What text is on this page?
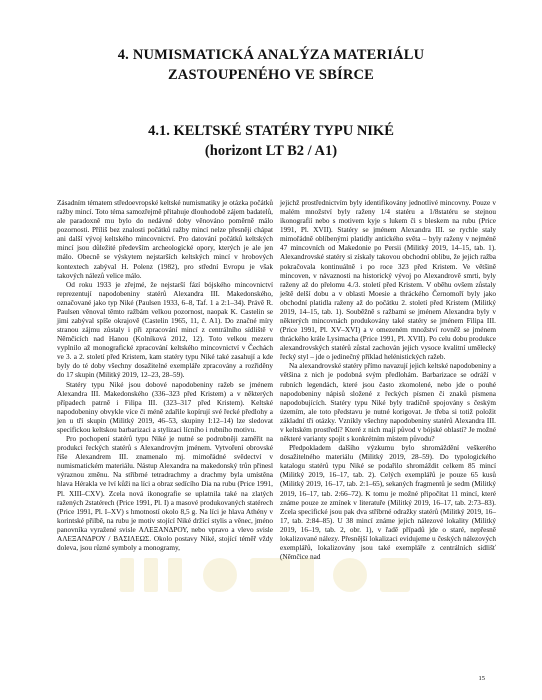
4. NUMISMATICKÁ ANALÝZA MATERIÁLU
ZASTOUPENÉHO VE SBÍRCE
4.1. KELTSKÉ STATÉRY TYPU NIKÉ
(horizont LT B2 / A1)

Zásadním tématem středoevropské keltské numismatiky je otázka počátků ražby mincí. Toto téma samozřejmě přitahuje dlouhodobě zájem badatelů, ale paradoxně mu bylo do nedávné doby věnováno poměrně málo pozornosti. Příliš bez znalosti počátků ražby mincí nelze přesněji chápat ani další vývoj keltského mincovnictví. Pro datování počátků keltských mincí jsou důležité především archeologické opory, kterých je ale jen málo. Obecně se výskytem nejstarších keltských mincí v hrobových kontextech zabýval H. Polenz (1982), pro střední Evropu je však takových nálezů velice málo.

Od roku 1933 je zřejmé, že nejstarší fází bójského mincovnictví reprezentují napodobeniny statérů Alexandra III. Makedonského, označované jako typ Niké (Paulsen 1933, 6–8, Taf. 1 a 2:1–34). Právě R. Paulsen věnoval těmto ražbám velkou pozornost, naopak K. Castelin se jimi zabýval spíše okrajově (Castelin 1965, 11, č. A1). Do značné míry stranou zájmu zůstaly i při zpracování mincí z centrálního sídliště v Němčicích nad Hanou (Kolníková 2012, 12). Toto velkou mezeru vyplnilo až monografické zpracování keltského mincovnictví v Čechách ve 3. a 2. století před Kristem, kam statéry typu Niké také zasahují a kde byly do té doby všechny dosažitelné exempláře zpracovány a rozřiděny do 17 skupin (Militký 2019, 12–23, 28–59).

Statéry typu Niké jsou dobové napodobeniny ražeb se jménem Alexandra III. Makedonského (336–323 před Kristem) a v některých případech patrně i Filipa III. (323–317 před Kristem). Keltské napodobeniny obvykle více či méně zdařile kopírují své řecké předlohy a jen u tří skupin (Militký 2019, 46–53, skupiny I:12–14) lze sledovat specifickou keltskou barbarizaci a stylizaci lícního i rubního motivu.

Pro pochopení statérů typu Niké je nutné se podrobněji zaměřit na produkci řeckých statérů s Alexandrovým jménem. Vytvoření obrovské říše Alexandrem III. znamenalo mj. mimořádné svědectví v numismatickém materiálu. Nástup Alexandra na makedonský trůn přinesl výraznou změnu. Na stříbrné tetradrachmy a drachmy byla umístěna hlava Hérakla ve lví kůži na líci a obraz sedícího Dia na rubu (Price 1991, Pl. XIII–CXV). Zcela nová ikonografie se uplatnila také na zlatých ražených 2statérech (Price 1991, Pl. I) a masové produkovaných statérech (Price 1991, Pl. I–XV) s hmotností okolo 8,5 g. Na líci je hlava Athény v korintské přilbě, na rubu je motiv stojící Niké držící stylis a věnec, jméno panovníka vyražené svisle ΑΛΕΞΑΝΔΡΟΥ, nebo vpravo a vlevo svisle ΑΛΕΞΑΝΔΡΟΥ / ΒΑΣΙΛΕΩΣ. Okolo postavy Niké, stojící téměř vždy doleva, jsou různé symboly a monogramy,

jejichž prostřednictvím byly identifikovány jednotlivé mincovny. Pouze v malém množství byly raženy 1/4 statéru a 1/8statéru se stejnou ikonografií nebo s motivem kyje s lukem či s bleskem na rubu (Price 1991, Pl. XVII). Statéry se jménem Alexandra III. se rychle staly mimořádně oblíbenými platidly antického světa – byly raženy v nejméně 47 mincovních od Makedonie po Persii (Militký 2019, 14–15, tab. 1). Alexandrovské statéry si získaly takovou obchodní oblibu, že jejich ražba pokračovala kontinuálně i po roce 323 před Kristem. Ve většině mincoven, v návaznosti na historický vývoj po Alexandrově smrti, byly raženy až do přelomu 4./3. století před Kristem. V oběhu ovšem zůstaly ještě delší dobu a v oblasti Moesie a thráckého Černomoří byly jako obchodní platidla raženy až do počátku 2. století před Kristem (Militký 2019, 14–15, tab. 1). Souběžně s ražbami se jménem Alexandra byly v některých mincovnách produkovány také statéry se jménem Filipa III. (Price 1991, Pl. XV–XVI) a v omezeném množství rovněž se jménem thráckého krále Lysimacha (Price 1991, Pl. XVII). Po celu dobu produkce alexandrovských statérů zůstal zachován jejich vysoce kvalitní umělecký řecký styl – jde o jedinečný příklad helénistických ražeb.

Na alexandrovské statéry přímo navazují jejich keltské napodobeniny a většina z nich je podobná svým předlohám. Barbarizace se odráží v rubních legendách, které jsou často zkomolené, nebo jde o pouhé napodobeniny nápisů složené z řeckých písmen či znaků písmena napodobujících. Statéry typu Niké byly tradičně spojovány s českým územím, ale toto představu je nutné korigovat. Je třeba si totiž položit základní tři otázky. Vznikly všechny napodobeniny statérů Alexandra III. v keltském prostředí? Které z nich mají původ v bójské oblasti? Je možné některé varianty spojit s konkrétním místem původu?

Předpokladem dalšího výzkumu bylo shromáždění veškerého dosažitelného materiálu (Militký 2019, 28–59). Do typologického katalogu statérů typu Niké se podařilo shromáždit celkem 85 mincí (Militký 2019, 16–17, tab. 2). Celých exemplářů je pouze 65 kusů (Militký 2019, 16–17, tab. 2:1–65), sekaných fragmentů je sedm (Militký 2019, 16–17, tab. 2:66–72). K tomu je možné připočítat 11 mincí, které známe pouze ze zmínek v literatuře (Militký 2019, 16–17, tab. 2:73–83). Zcela specifické jsou pak dva stříbrné odražky statérů (Militký 2019, 16–17, tab. 2:84–85). U 38 mincí známe jejich nálezové lokality (Militký 2019, 16–19, tab. 2, obr. 1), v řadě případů jde o staré, nepřesně lokalizované nálezy. Přesnější lokalizaci evidujeme u českých nálezových exemplářů, lokalizovány jsou také exempláře z centrálních sídlišť (Němčice nad

15
